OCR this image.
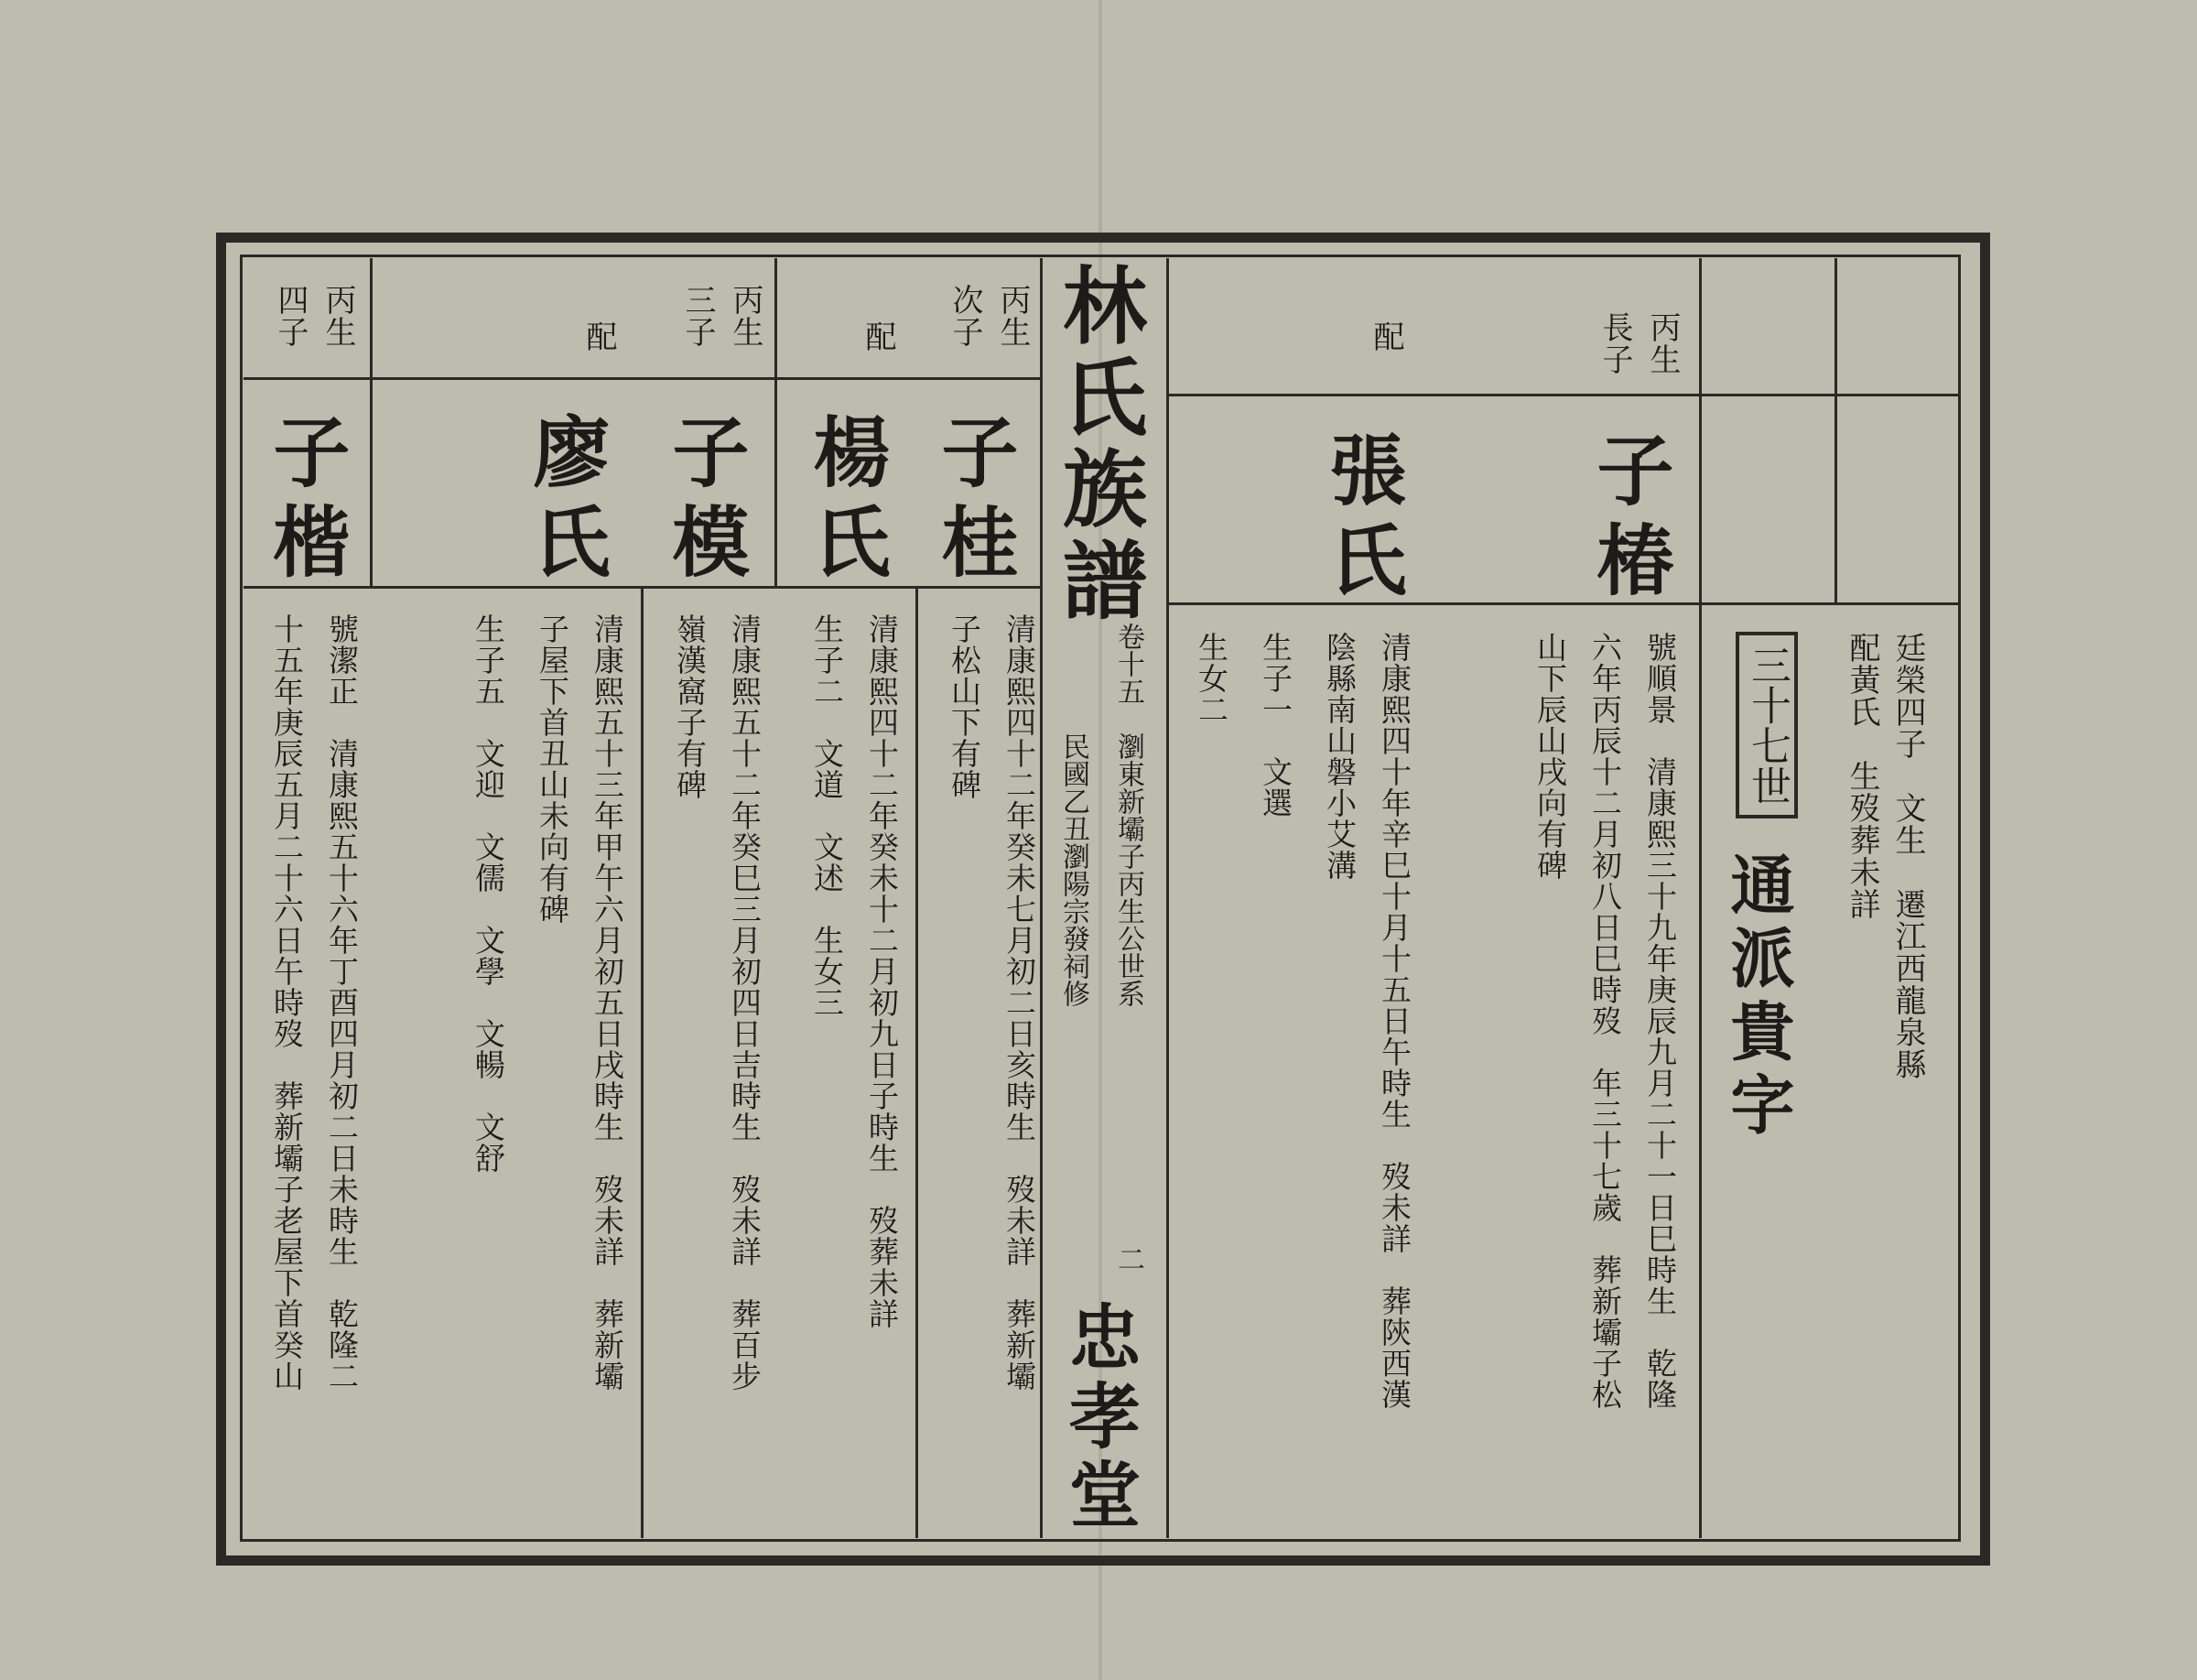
林氏族譜
卷十五
瀏東新壩子丙生公世系
民國乙丑瀏陽宗發祠修
二
忠孝堂
廷榮四子　文生　遷江西龍泉縣
配黃氏　生歿葬未詳
三十七世
通派貴字
丙生
長子
子椿
配
張氏
號順景　清康熙三十九年庚辰九月二十一日巳時生　乾隆
六年丙辰十二月初八日巳時歿　年三十七歲　葬新壩子松
山下辰山戌向有碑
清康熙四十年辛巳十月十五日午時生　歿未詳　葬陝西漢
陰縣南山磐小艾溝
生子一　文選
生女二
丙生
次子
子桂
配
楊氏
清康熙四十二年癸未七月初二日亥時生　歿未詳　葬新壩
子松山下有碑
清康熙四十二年癸未十二月初九日子時生　歿葬未詳
生子二　文道　文述　生女三
丙生
三子
子模
配
廖氏
清康熙五十二年癸巳三月初四日吉時生　歿未詳　葬百步
嶺漢窩子有碑
清康熙五十三年甲午六月初五日戌時生　歿未詳　葬新壩
子屋下首丑山未向有碑
生子五　文迎　文儒　文學　文暢　文舒
丙生
四子
子楷
號潔正　清康熙五十六年丁酉四月初二日未時生　乾隆二
十五年庚辰五月二十六日午時歿　葬新壩子老屋下首癸山
